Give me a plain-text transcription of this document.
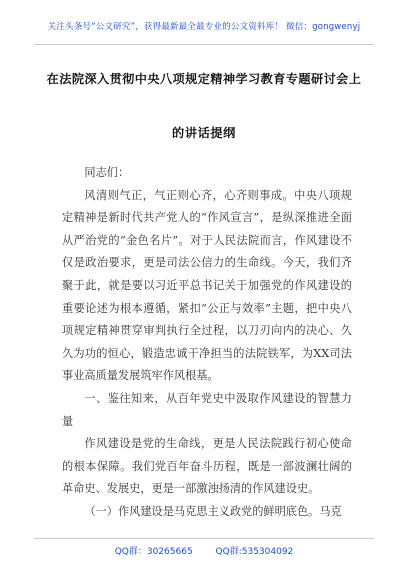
关注头条号“公文研究”，获得最新最全最专业的公文资料库！ 微信：gongwenyj
在法院深入贯彻中央八项规定精神学习教育专题研讨会上
的讲话提纲

同志们：

风清则气正，气正则心齐，心齐则事成。中央八项规定精神是新时代共产党人的“作风宣言”，是纵深推进全面从严治党的“金色名片”。对于人民法院而言，作风建设不仅是政治要求，更是司法公信力的生命线。今天，我们齐聚于此，就是要以习近平总书记关于加强党的作风建设的重要论述为根本遵循，紧扣“公正与效率”主题，把中央八项规定精神贯穿审判执行全过程，以刀刃向内的决心、久久为功的恒心，锻造忠诚干净担当的法院铁军，为XX司法事业高质量发展筑牢作风根基。

一、鉴往知来，从百年党史中汲取作风建设的智慧力量

作风建设是党的生命线，更是人民法院践行初心使命的根本保障。我们党百年奋斗历程，既是一部波澜壮阔的革命史、发展史，更是一部激浊扬清的作风建设史。

（一）作风建设是马克思主义政党的鲜明底色。马克

QQ群：30265665	QQ群:535304092
